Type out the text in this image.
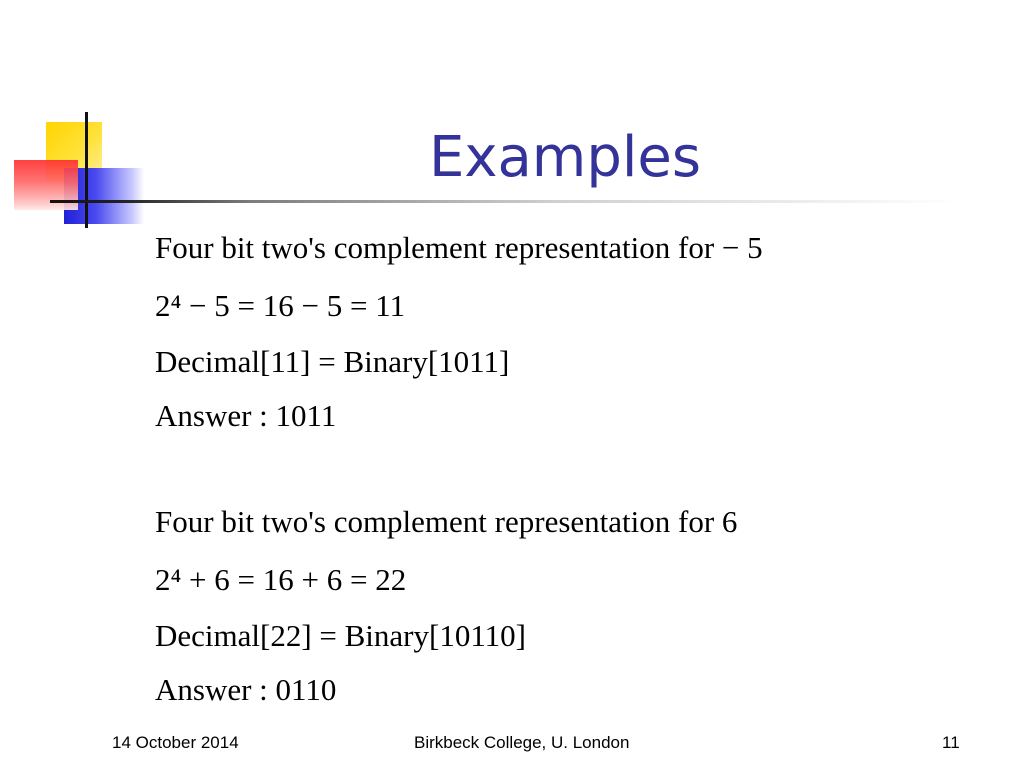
Examples
Four bit two's complement representation for − 5
2⁴ − 5 = 16 − 5 = 11
Decimal[11] = Binary[1011]
Answer : 1011
Four bit two's complement representation for 6
2⁴ + 6 = 16 + 6 = 22
Decimal[22] = Binary[10110]
Answer : 0110
14 October 2014	Birkbeck College, U. London	11
